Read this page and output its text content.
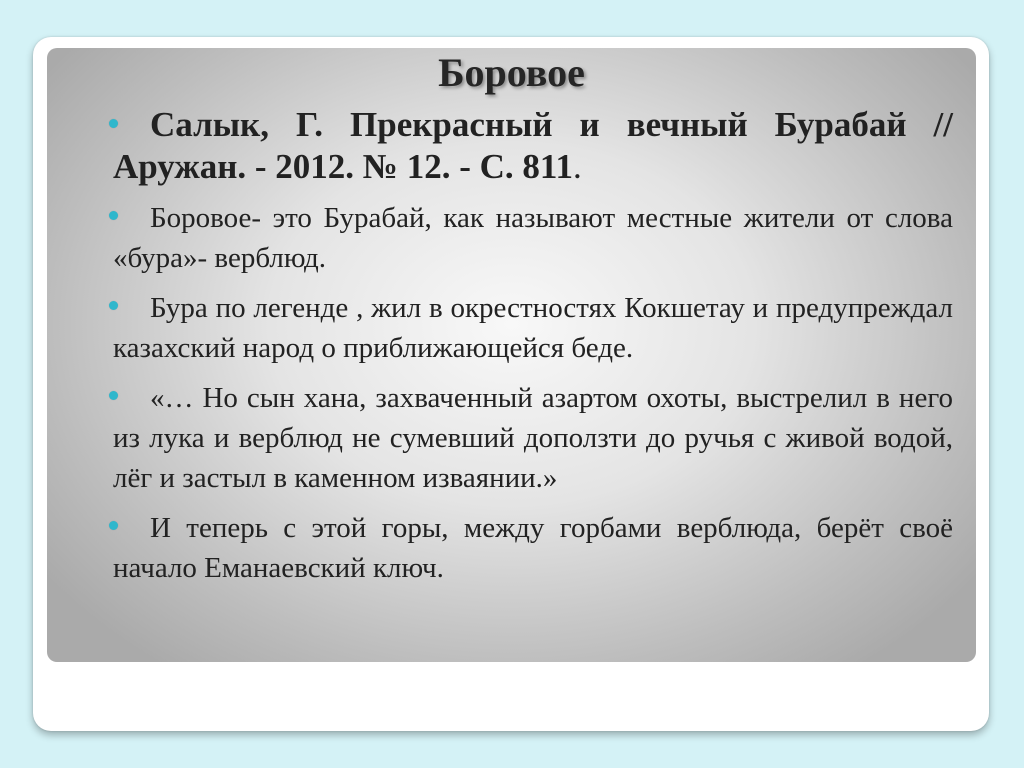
Боровое
Салык, Г. Прекрасный и вечный Бурабай // Аружан. - 2012. № 12. - С. 811.
Боровое- это Бурабай, как называют местные жители от слова «бура»- верблюд.
Бура по легенде , жил в окрестностях Кокшетау и предупреждал казахский народ о приближающейся беде.
«… Но сын хана, захваченный азартом охоты, выстрелил в него из лука и верблюд не сумевший доползти до ручья с живой водой, лёг и застыл в каменном изваянии.»
И теперь с этой горы, между горбами верблюда, берёт своё начало Еманаевский ключ.
